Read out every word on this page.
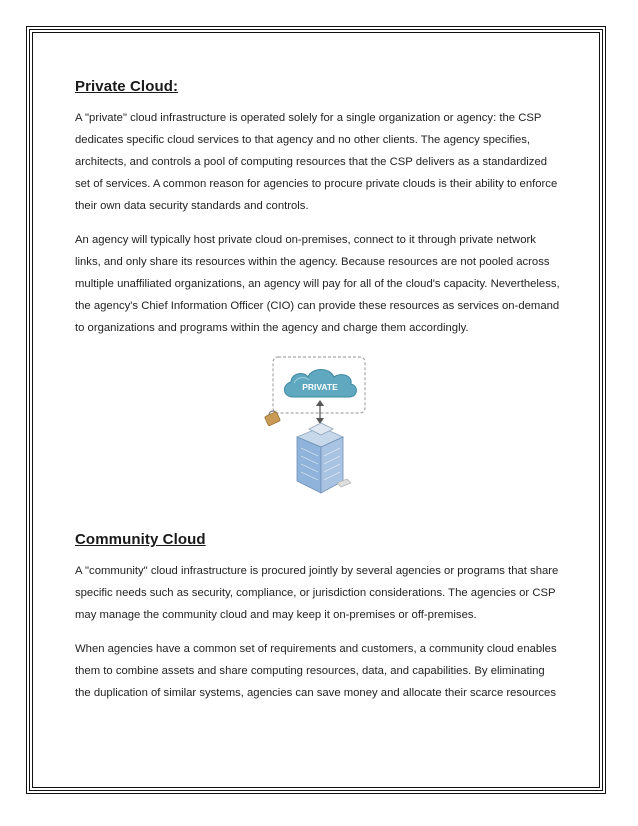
Private Cloud:

A "private" cloud infrastructure is operated solely for a single organization or agency: the CSP dedicates specific cloud services to that agency and no other clients. The agency specifies, architects, and controls a pool of computing resources that the CSP delivers as a standardized set of services. A common reason for agencies to procure private clouds is their ability to enforce their own data security standards and controls.

An agency will typically host private cloud on-premises, connect to it through private network links, and only share its resources within the agency. Because resources are not pooled across multiple unaffiliated organizations, an agency will pay for all of the cloud's capacity. Nevertheless, the agency's Chief Information Officer (CIO) can provide these resources as services on-demand to organizations and programs within the agency and charge them accordingly.

PRIVATE
Community Cloud

A "community" cloud infrastructure is procured jointly by several agencies or programs that share specific needs such as security, compliance, or jurisdiction considerations. The agencies or CSP may manage the community cloud and may keep it on-premises or off-premises.

When agencies have a common set of requirements and customers, a community cloud enables them to combine assets and share computing resources, data, and capabilities. By eliminating the duplication of similar systems, agencies can save money and allocate their scarce resources
